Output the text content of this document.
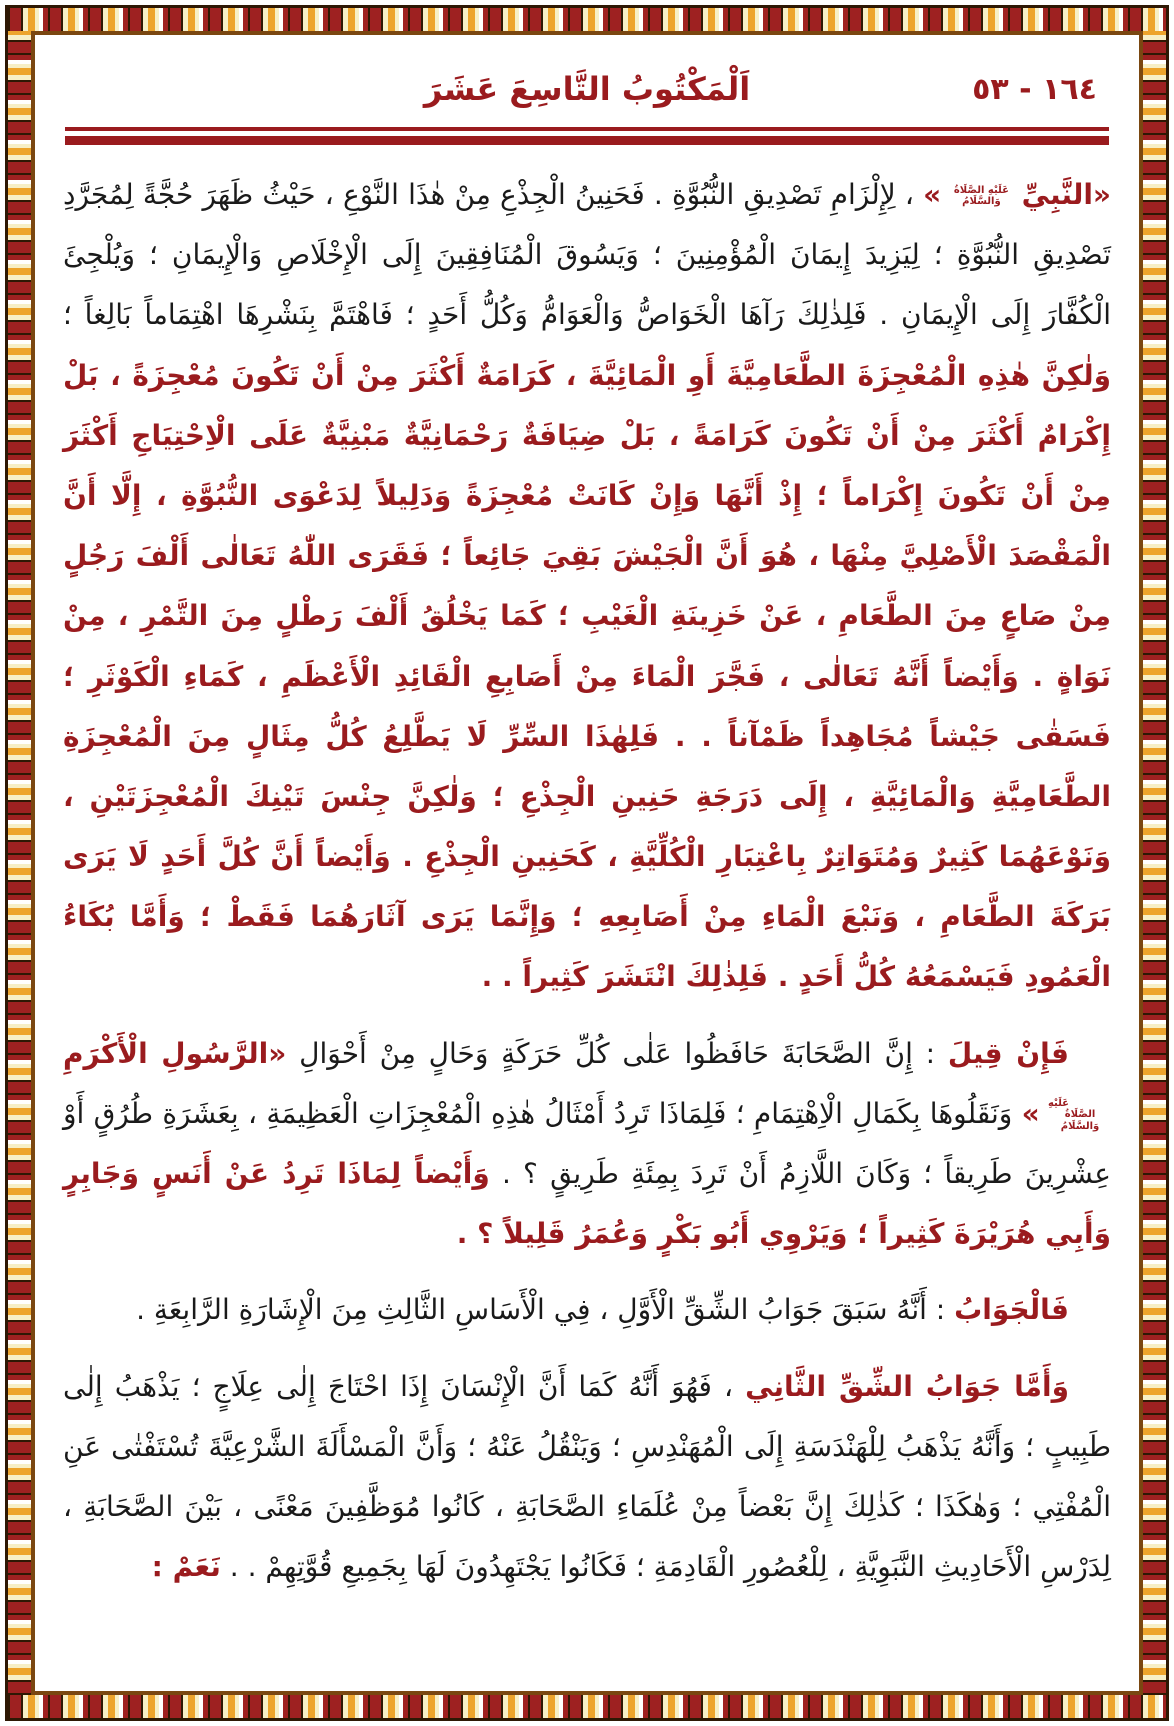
١٦٤ - ٥٣
اَلْمَكْتُوبُ التَّاسِعَ عَشَرَ

«النَّبِيِّ عَلَيْهِ الصَّلَاةُ وَالسَّلَامُ » ، لِإِلْزَامِ تَصْدِيقِ النُّبُوَّةِ . فَحَنِينُ الْجِذْعِ مِنْ هٰذَا النَّوْعِ ، حَيْثُ ظَهَرَ حُجَّةً لِمُجَرَّدِ تَصْدِيقِ النُّبُوَّةِ ؛ لِيَزِيدَ إِيمَانَ الْمُؤْمِنِينَ ؛ وَيَسُوقَ الْمُنَافِقِينَ إِلَى الْإِخْلَاصِ وَالْإِيمَانِ ؛ وَيُلْجِئَ الْكُفَّارَ إِلَى الْإِيمَانِ . فَلِذٰلِكَ رَآهَا الْخَوَاصُّ وَالْعَوَامُّ وَكُلُّ أَحَدٍ ؛ فَاهْتَمَّ بِنَشْرِهَا اهْتِمَاماً بَالِغاً ؛ وَلٰكِنَّ هٰذِهِ الْمُعْجِزَةَ الطَّعَامِيَّةَ أَوِ الْمَائِيَّةَ ، كَرَامَةٌ أَكْثَرَ مِنْ أَنْ تَكُونَ مُعْجِزَةً ، بَلْ إِكْرَامٌ أَكْثَرَ مِنْ أَنْ تَكُونَ كَرَامَةً ، بَلْ ضِيَافَةٌ رَحْمَانِيَّةٌ مَبْنِيَّةٌ عَلَى الْاِحْتِيَاجِ أَكْثَرَ مِنْ أَنْ تَكُونَ إِكْرَاماً ؛ إِذْ أَنَّهَا وَإِنْ كَانَتْ مُعْجِزَةً وَدَلِيلاً لِدَعْوَى النُّبُوَّةِ ، إِلَّا أَنَّ الْمَقْصَدَ الْأَصْلِيَّ مِنْهَا ، هُوَ أَنَّ الْجَيْشَ بَقِيَ جَائِعاً ؛ فَقَرَى اللّٰهُ تَعَالٰى أَلْفَ رَجُلٍ مِنْ صَاعٍ مِنَ الطَّعَامِ ، عَنْ خَزِينَةِ الْغَيْبِ ؛ كَمَا يَخْلُقُ أَلْفَ رَطْلٍ مِنَ التَّمْرِ ، مِنْ نَوَاةٍ . وَأَيْضاً أَنَّهُ تَعَالٰى ، فَجَّرَ الْمَاءَ مِنْ أَصَابِعِ الْقَائِدِ الْأَعْظَمِ ، كَمَاءِ الْكَوْثَرِ ؛ فَسَقٰى جَيْشاً مُجَاهِداً ظَمْآناً . . فَلِهٰذَا السِّرِّ لَا يَطَّلِعُ كُلُّ مِثَالٍ مِنَ الْمُعْجِزَةِ الطَّعَامِيَّةِ وَالْمَائِيَّةِ ، إِلَى دَرَجَةِ حَنِينِ الْجِذْعِ ؛ وَلٰكِنَّ جِنْسَ تَيْنِكَ الْمُعْجِزَتَيْنِ ، وَنَوْعَهُمَا كَثِيرٌ وَمُتَوَاتِرٌ بِاعْتِبَارِ الْكُلِّيَّةِ ، كَحَنِينِ الْجِذْعِ . وَأَيْضاً أَنَّ كُلَّ أَحَدٍ لَا يَرَى بَرَكَةَ الطَّعَامِ ، وَنَبْعَ الْمَاءِ مِنْ أَصَابِعِهِ ؛ وَإِنَّمَا يَرَى آثَارَهُمَا فَقَطْ ؛ وَأَمَّا بُكَاءُ الْعَمُودِ فَيَسْمَعُهُ كُلُّ أَحَدٍ . فَلِذٰلِكَ انْتَشَرَ كَثِيراً . .

فَإِنْ قِيلَ : إِنَّ الصَّحَابَةَ حَافَظُوا عَلٰى كُلِّ حَرَكَةٍ وَحَالٍ مِنْ أَحْوَالِ «الرَّسُولِ الْأَكْرَمِ عَلَيْهِ الصَّلَاةُ وَالسَّلَامُ » وَنَقَلُوهَا بِكَمَالِ الْاِهْتِمَامِ ؛ فَلِمَاذَا تَرِدُ أَمْثَالُ هٰذِهِ الْمُعْجِزَاتِ الْعَظِيمَةِ ، بِعَشَرَةِ طُرُقٍ أَوْ عِشْرِينَ طَرِيقاً ؛ وَكَانَ اللَّازِمُ أَنْ تَرِدَ بِمِئَةِ طَرِيقٍ ؟ . وَأَيْضاً لِمَاذَا تَرِدُ عَنْ أَنَسٍ وَجَابِرٍ وَأَبِي هُرَيْرَةَ كَثِيراً ؛ وَيَرْوِي أَبُو بَكْرٍ وَعُمَرُ قَلِيلاً ؟ .

فَالْجَوَابُ : أَنَّهُ سَبَقَ جَوَابُ الشِّقِّ الْأَوَّلِ ، فِي الْأَسَاسِ الثَّالِثِ مِنَ الْإِشَارَةِ الرَّابِعَةِ .

وَأَمَّا جَوَابُ الشِّقِّ الثَّانِي ، فَهُوَ أَنَّهُ كَمَا أَنَّ الْإِنْسَانَ إِذَا احْتَاجَ إِلٰى عِلَاجٍ ؛ يَذْهَبُ إِلٰى طَبِيبٍ ؛ وَأَنَّهُ يَذْهَبُ لِلْهَنْدَسَةِ إِلَى الْمُهَنْدِسِ ؛ وَيَنْقُلُ عَنْهُ ؛ وَأَنَّ الْمَسْأَلَةَ الشَّرْعِيَّةَ تُسْتَفْتٰى عَنِ الْمُفْتِي ؛ وَهٰكَذَا ؛ كَذٰلِكَ إِنَّ بَعْضاً مِنْ عُلَمَاءِ الصَّحَابَةِ ، كَانُوا مُوَظَّفِينَ مَعْنًى ، بَيْنَ الصَّحَابَةِ ، لِدَرْسِ الْأَحَادِيثِ النَّبَوِيَّةِ ، لِلْعُصُورِ الْقَادِمَةِ ؛ فَكَانُوا يَجْتَهِدُونَ لَهَا بِجَمِيعِ قُوَّتِهِمْ . . نَعَمْ :
